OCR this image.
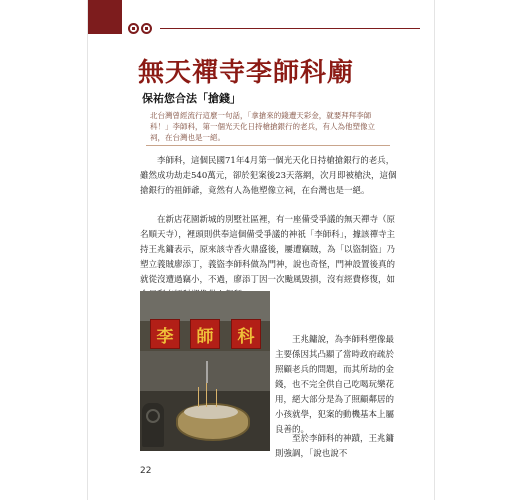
無天禪寺李師科廟
保祐您合法「搶錢」

北台灣曾經流行這麼一句話，「拿搶來的錢遭天彩金，就要拜拜李師科！」李師科，第一個光天化日持槍搶銀行的老兵，有人為他塑像立祠，在台灣也是一絕。

李師科，這個民國71年4月第一個光天化日持槍搶銀行的老兵，雖然成功劫走540萬元，卻於犯案後23天落網，次月即被槍決，這個搶銀行的祖師爺，竟然有人為他塑像立祠，在台灣也是一絕。

在新店花園新城的別墅社區裡，有一座備受爭議的無天禪寺（原名順天寺），裡頭則供奉這個備受爭議的神祇「李師科」，據該禪寺主持王兆鏞表示，原來該寺香火鼎盛後，屢遭竊賊，為「以盜制盜」乃塑立義賊廖添丁，義盜李師科做為門神，說也奇怪，門神設置後真的就從沒遭過竊小，不過，廖添丁因一次颱風毀損，沒有經費修復，如

李	師	科	王兆鏞說，為李師科塑像最主要係因其凸顯了當時政府疏於照顧老兵的問題，而其所劫的金錢，也不完全供自己吃喝玩樂花用，絕大部分是為了照顧鄰居的小孩就學，犯案的動機基本上屬良善的。

至於李師科的神蹟，王兆鏞則強調，「說也說不

22
